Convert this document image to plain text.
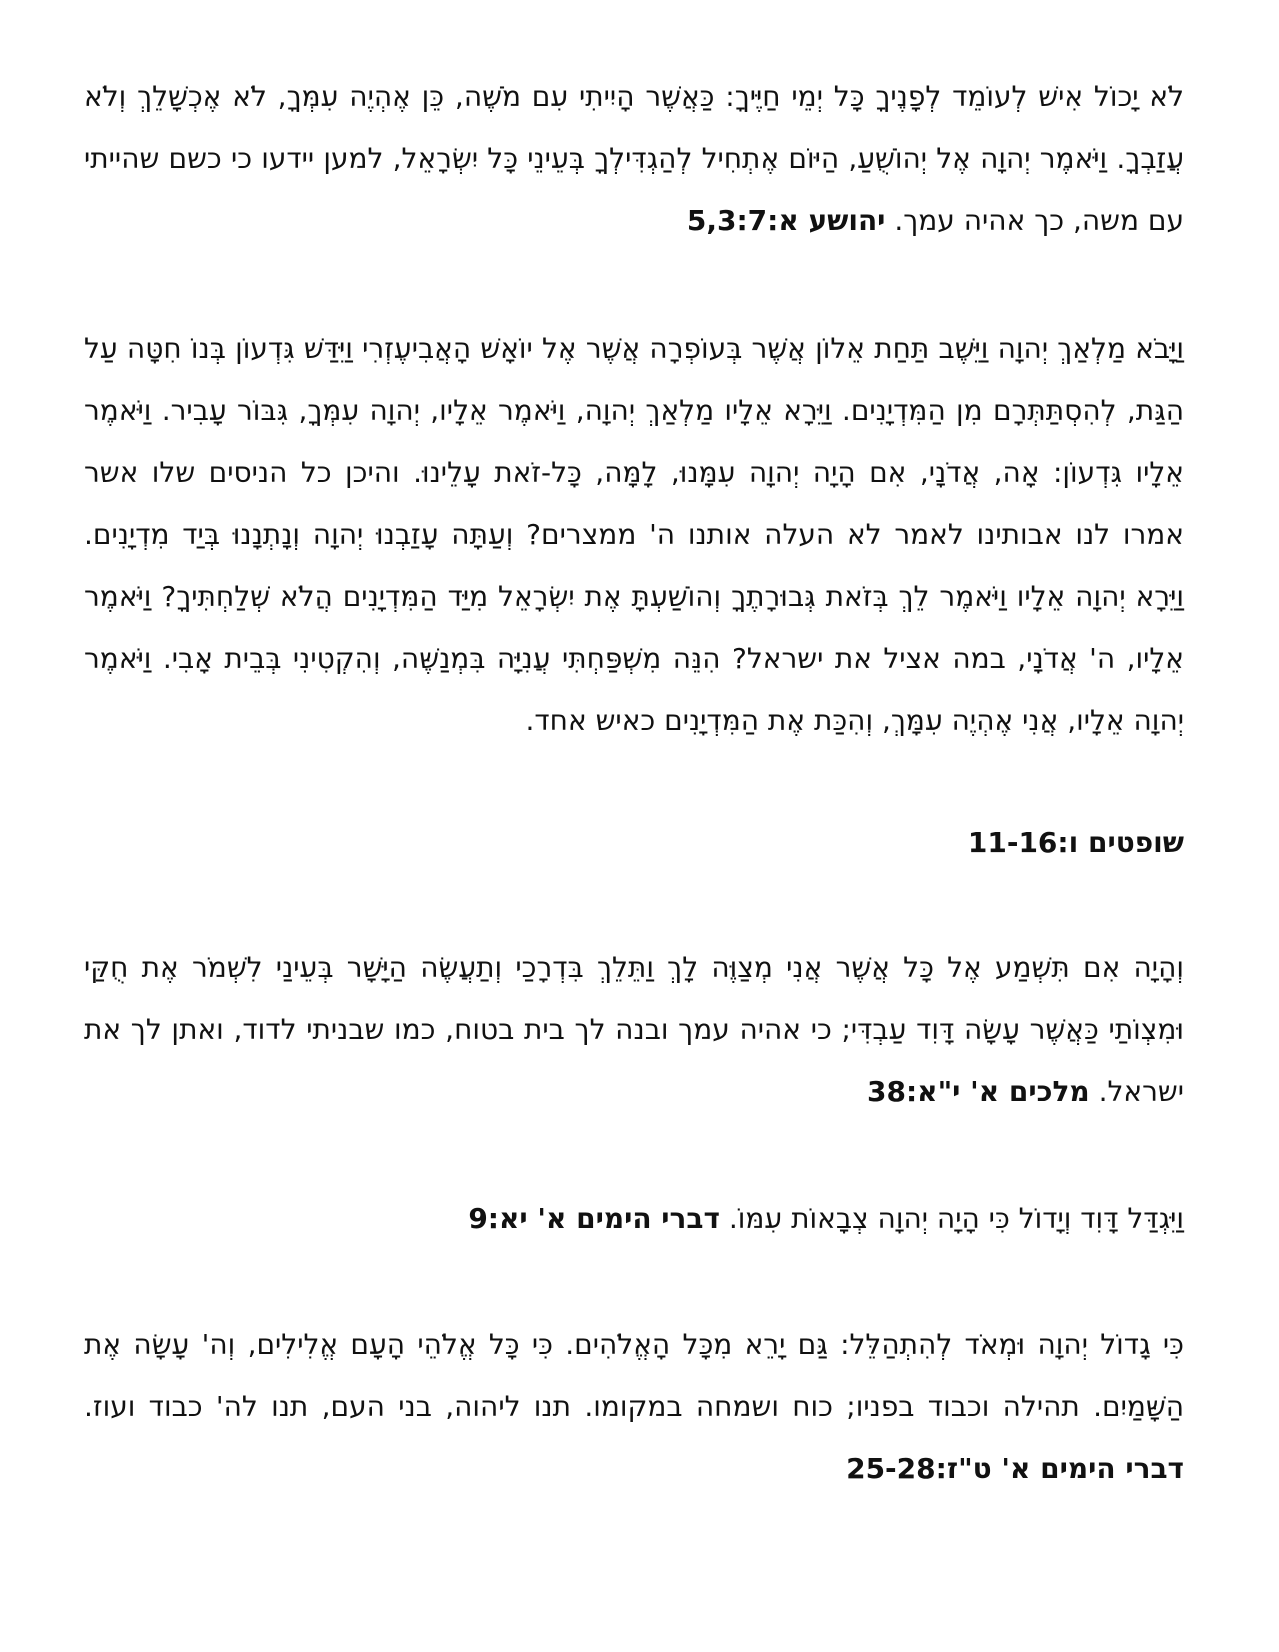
לֹא יָכוֹל אִישׁ לְעוֹמֵד לְפָנֶיךָ כָּל יְמֵי חַיֶּיךָ: כַּאֲשֶׁר הָיִיתִי עִם מֹשֶׁה, כֵּן אֶהְיֶה עִמְּךָ, לֹא אֶכְשָׁלֵךְ וְלֹא עֲזַבְךָ. וַיֹּאמֶר יְהוָה אֶל יְהוֹשֻׁעַ, הַיּוֹם אֶתְחִיל לְהַגְדִּילְךָ בְּעֵינֵי כָּל יִשְׂרָאֵל, למען יידעו כי כשם שהייתי עם משה, כך אהיה עמך. יהושע א:5,3:7

וַיָּבֹא מַלְאַךְ יְהוָה וַיֵּשֶׁב תַּחַת אֵלוֹן אֲשֶׁר בְּעוֹפְרָה אֲשֶׁר אֶל יוֹאָשׁ הָאֲבִיעֶזְרִי וַיִּדַּשׁ גִּדְעוֹן בְּנוֹ חִטָּה עַל הַגַּת, לְהִסְתַּתְּרָם מִן הַמִּדְיָנִים. וַיֵּרָא אֵלָיו מַלְאַךְ יְהוָה, וַיֹּאמֶר אֵלָיו, יְהוָה עִמְּךָ, גִּבּוֹר עָבִיר. וַיֹּאמֶר אֵלָיו גִּדְעוֹן: אָה, אֲדֹנָי, אִם הָיָה יְהוָה עִמָּנוּ, לָמָּה, כָּל-זֹאת עָלֵינוּ. והיכן כל הניסים שלו אשר אמרו לנו אבותינו לאמר לא העלה אותנו ה' ממצרים? וְעַתָּה עָזַבְנוּ יְהוָה וְנָתְנָנוּ בְּיַד מִדְיָנִים. וַיֵּרָא יְהוָה אֵלָיו וַיֹּאמֶר לֵךְ בְּזֹאת גְּבוּרָתֶךָ וְהוֹשַׁעְתָּ אֶת יִשְׂרָאֵל מִיַּד הַמִּדְיָנִים הֲלֹא שְׁלַחְתִּיךָ? וַיֹּאמֶר אֵלָיו, ה' אֲדֹנָי, במה אציל את ישראל? הִנֵּה מִשְׁפַּחְתִּי עֲנִיָּה בִּמְנַשֶּׁה, וְהִקְטִינִי בְּבֵית אָבִי. וַיֹּאמֶר יְהוָה אֵלָיו, אֲנִי אֶהְיֶה עִמָּךְ, וְהִכַּת אֶת הַמִּדְיָנִים כאיש אחד.

שופטים ו:11-16

וְהָיָה אִם תִּשְׁמַע אֶל כָּל אֲשֶׁר אֲנִי מְצַוֶּה לָךְ וַתֵּלֵךְ בִּדְרָכַי וְתַעֲשֶׂה הַיָּשָׁר בְּעֵינַי לִשְׁמֹר אֶת חֻקַּי וּמִצְוֹתַי כַּאֲשֶׁר עָשָׂה דָּוִד עַבְדִּי; כי אהיה עמך ובנה לך בית בטוח, כמו שבניתי לדוד, ואתן לך את ישראל. מלכים א' י"א:38

וַיִּגְדַּל דָּוִד וְיָדוֹל כִּי הָיָה יְהוָה צְבָאוֹת עִמּוֹ. דברי הימים א' יא:9

כִּי גָדוֹל יְהוָה וּמְאֹד לְהִתְהַלֵּל: גַּם יָרֵא מִכָּל הָאֱלֹהִים. כִּי כָּל אֱלֹהֵי הָעָם אֱלִילִים, וְה' עָשָׂה אֶת הַשָּׁמַיִם. תהילה וכבוד בפניו; כוח ושמחה במקומו. תנו ליהוה, בני העם, תנו לה' כבוד ועוז. דברי הימים א' ט"ז:25-28
